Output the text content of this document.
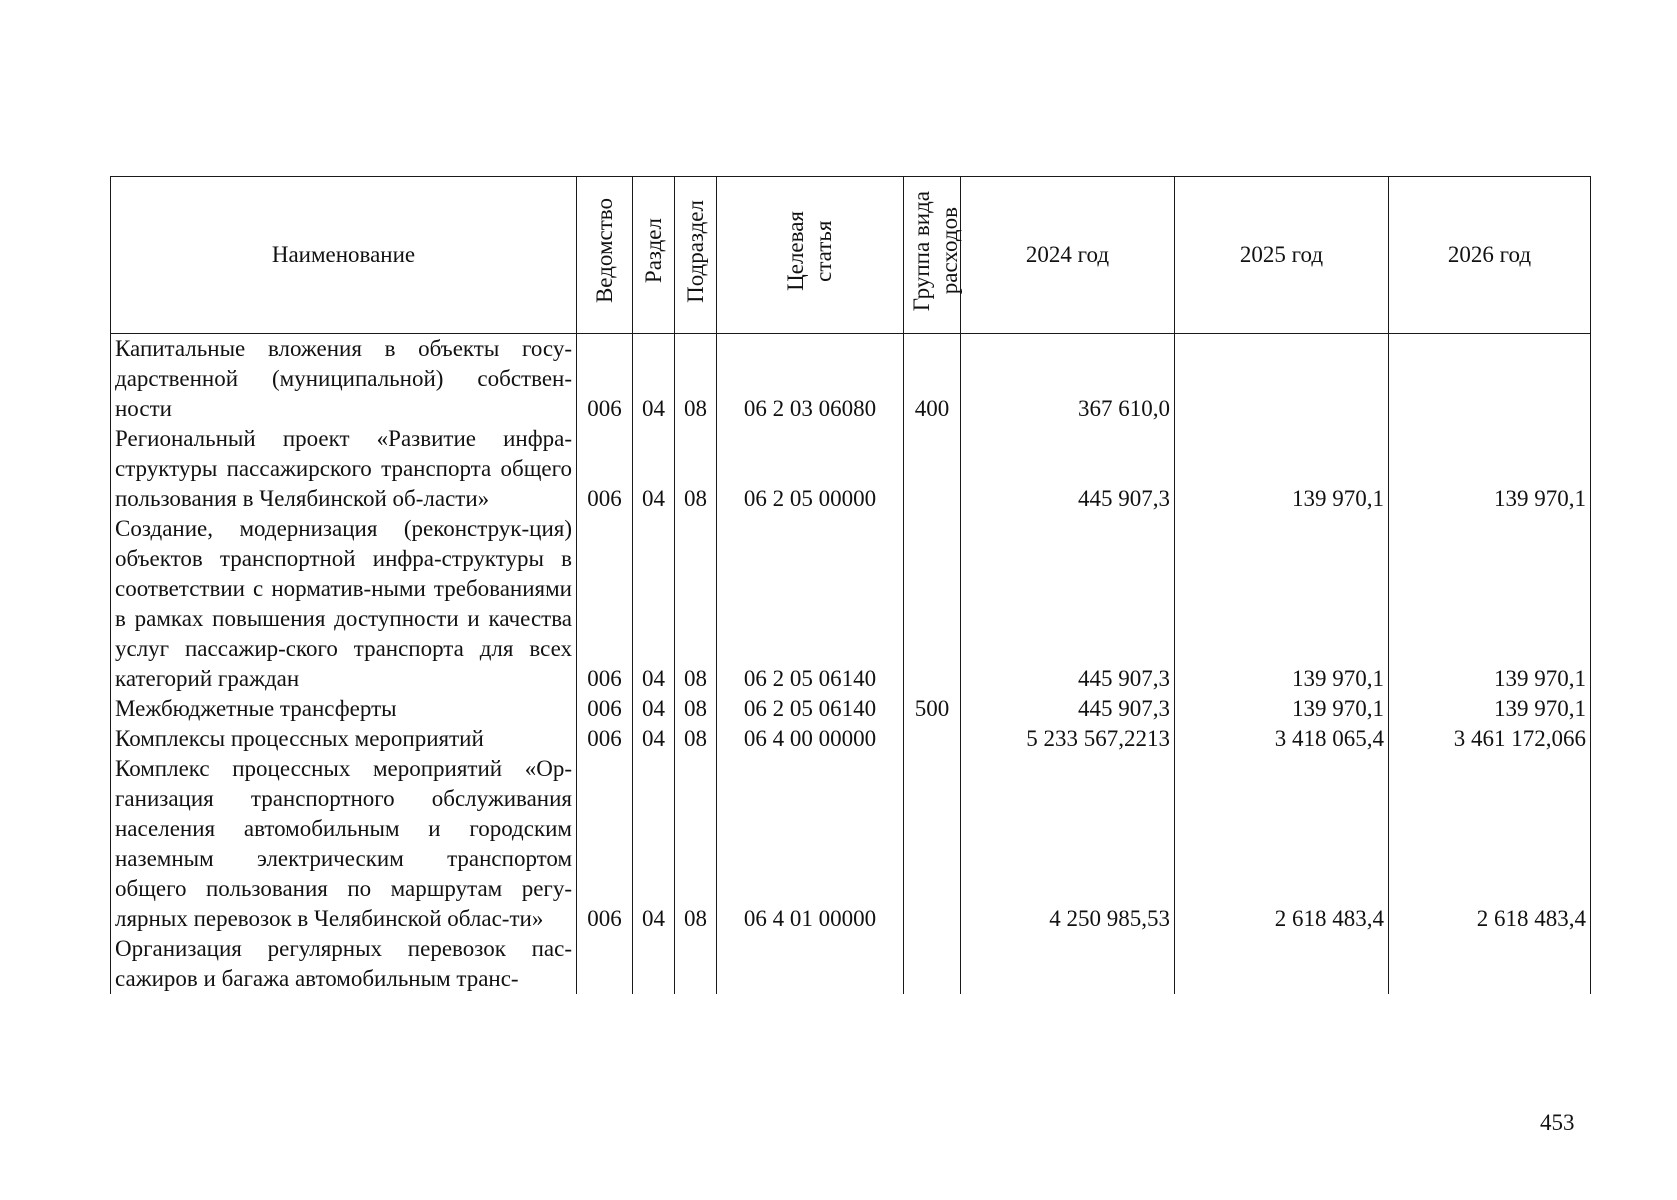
Наименование	Ведомство	Раздел	Подраздел	Целевая статья	Группа вида расходов	2024 год	2025 год	2026 год
Капитальные вложения в объекты госу-дарственной (муниципальной) собствен-ности	006	04	08	06 2 03 06080	400	367 610,0		
Региональный проект «Развитие инфра-структуры пассажирского транспорта общего пользования в Челябинской об-ласти»	006	04	08	06 2 05 00000		445 907,3	139 970,1	139 970,1
Создание, модернизация (реконструк-ция) объектов транспортной инфра-структуры в соответствии с норматив-ными требованиями в рамках повышения доступности и качества услуг пассажир-ского транспорта для всех категорий граждан	006	04	08	06 2 05 06140		445 907,3	139 970,1	139 970,1
Межбюджетные трансферты	006	04	08	06 2 05 06140	500	445 907,3	139 970,1	139 970,1
Комплексы процессных мероприятий	006	04	08	06 4 00 00000		5 233 567,2213	3 418 065,4	3 461 172,066
Комплекс процессных мероприятий «Ор-ганизация транспортного обслуживания населения автомобильным и городским наземным электрическим транспортом общего пользования по маршрутам регу-лярных перевозок в Челябинской облас-ти»	006	04	08	06 4 01 00000		4 250 985,53	2 618 483,4	2 618 483,4
Организация регулярных перевозок пас-сажиров и багажа автомобильным транс-								
453
